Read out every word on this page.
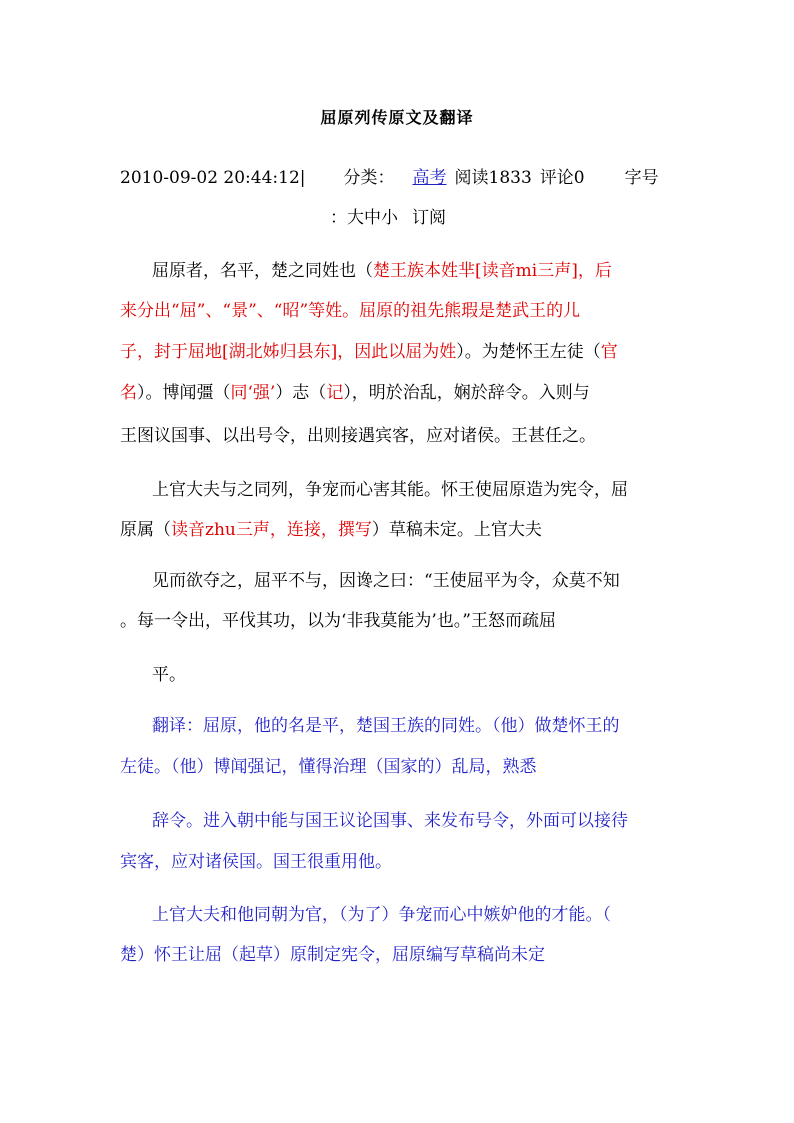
屈原列传原文及翻译
2010-09-02 20:44:12| 分类： 高考 阅读1833 评论0 字号
：大中小 订阅
屈原者，名平，楚之同姓也（楚王族本姓芈[读音mi三声]，后
来分出“屈”、“景”、“昭”等姓。屈原的祖先熊瑕是楚武王的儿
子，封于屈地[湖北姊归县东]，因此以屈为姓）。为楚怀王左徒（官
名）。博闻彊（同‘强’）志（记），明於治乱，娴於辞令。入则与
王图议国事、以出号令，出则接遇宾客，应对诸侯。王甚任之。
上官大夫与之同列，争宠而心害其能。怀王使屈原造为宪令，屈
原属（读音zhu三声，连接，撰写）草稿未定。上官大夫
见而欲夺之，屈平不与，因谗之曰：“王使屈平为令，众莫不知
。每一令出，平伐其功，以为‘非我莫能为’也。”王怒而疏屈
平。
翻译：屈原，他的名是平，楚国王族的同姓。（他）做楚怀王的
左徒。（他）博闻强记，懂得治理（国家的）乱局，熟悉
辞令。进入朝中能与国王议论国事、来发布号令，外面可以接待
宾客，应对诸侯国。国王很重用他。
上官大夫和他同朝为官，（为了）争宠而心中嫉妒他的才能。（
楚）怀王让屈（起草）原制定宪令，屈原编写草稿尚未定
